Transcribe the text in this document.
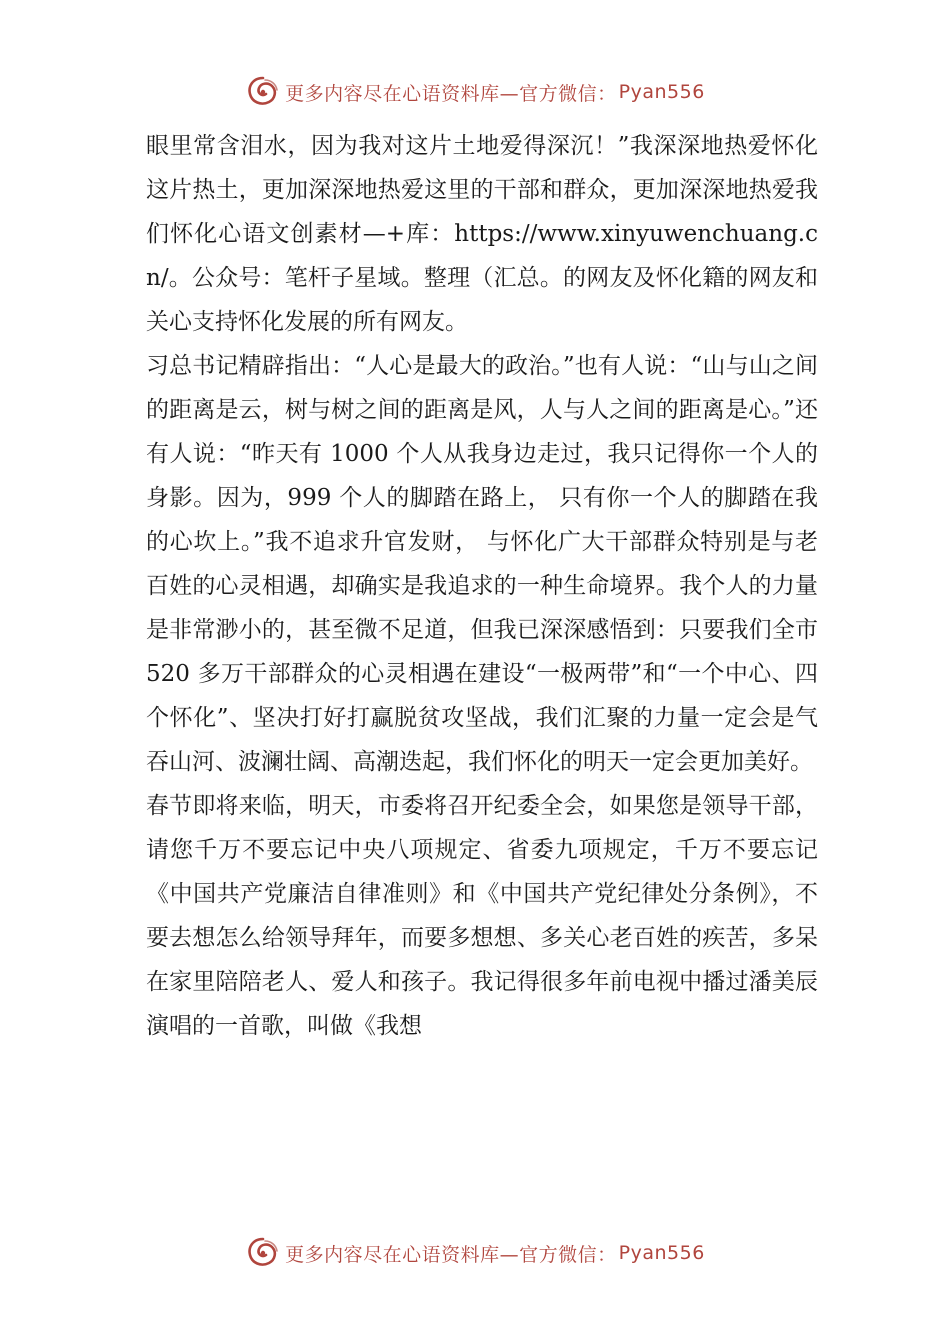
更多内容尽在心语资料库—官方微信： Pyan556

眼里常含泪水，因为我对这片土地爱得深沉！”我深深地热爱怀化这片热土，更加深深地热爱这里的干部和群众，更加深深地热爱我们怀化心语文创素材—+库：https://www.xinyuwenchuang.cn/。公众号：笔杆子星域。整理（汇总。的网友及怀化籍的网友和关心支持怀化发展的所有网友。

习总书记精辟指出：“人心是最大的政治。”也有人说：“山与山之间的距离是云，树与树之间的距离是风，人与人之间的距离是心。”还有人说：“昨天有 1000 个人从我身边走过，我只记得你一个人的身影。因为，999 个人的脚踏在路上， 只有你一个人的脚踏在我的心坎上。”我不追求升官发财， 与怀化广大干部群众特别是与老百姓的心灵相遇，却确实是我追求的一种生命境界。我个人的力量是非常渺小的，甚至微不足道，但我已深深感悟到：只要我们全市 520 多万干部群众的心灵相遇在建设“一极两带”和“一个中心、四个怀化”、坚决打好打赢脱贫攻坚战，我们汇聚的力量一定会是气吞山河、波澜壮阔、高潮迭起，我们怀化的明天一定会更加美好。

春节即将来临，明天，市委将召开纪委全会，如果您是领导干部，请您千万不要忘记中央八项规定、省委九项规定，千万不要忘记《中国共产党廉洁自律准则》和《中国共产党纪律处分条例》，不要去想怎么给领导拜年，而要多想想、多关心老百姓的疾苦，多呆在家里陪陪老人、爱人和孩子。我记得很多年前电视中播过潘美辰演唱的一首歌，叫做《我想

更多内容尽在心语资料库—官方微信： Pyan556
